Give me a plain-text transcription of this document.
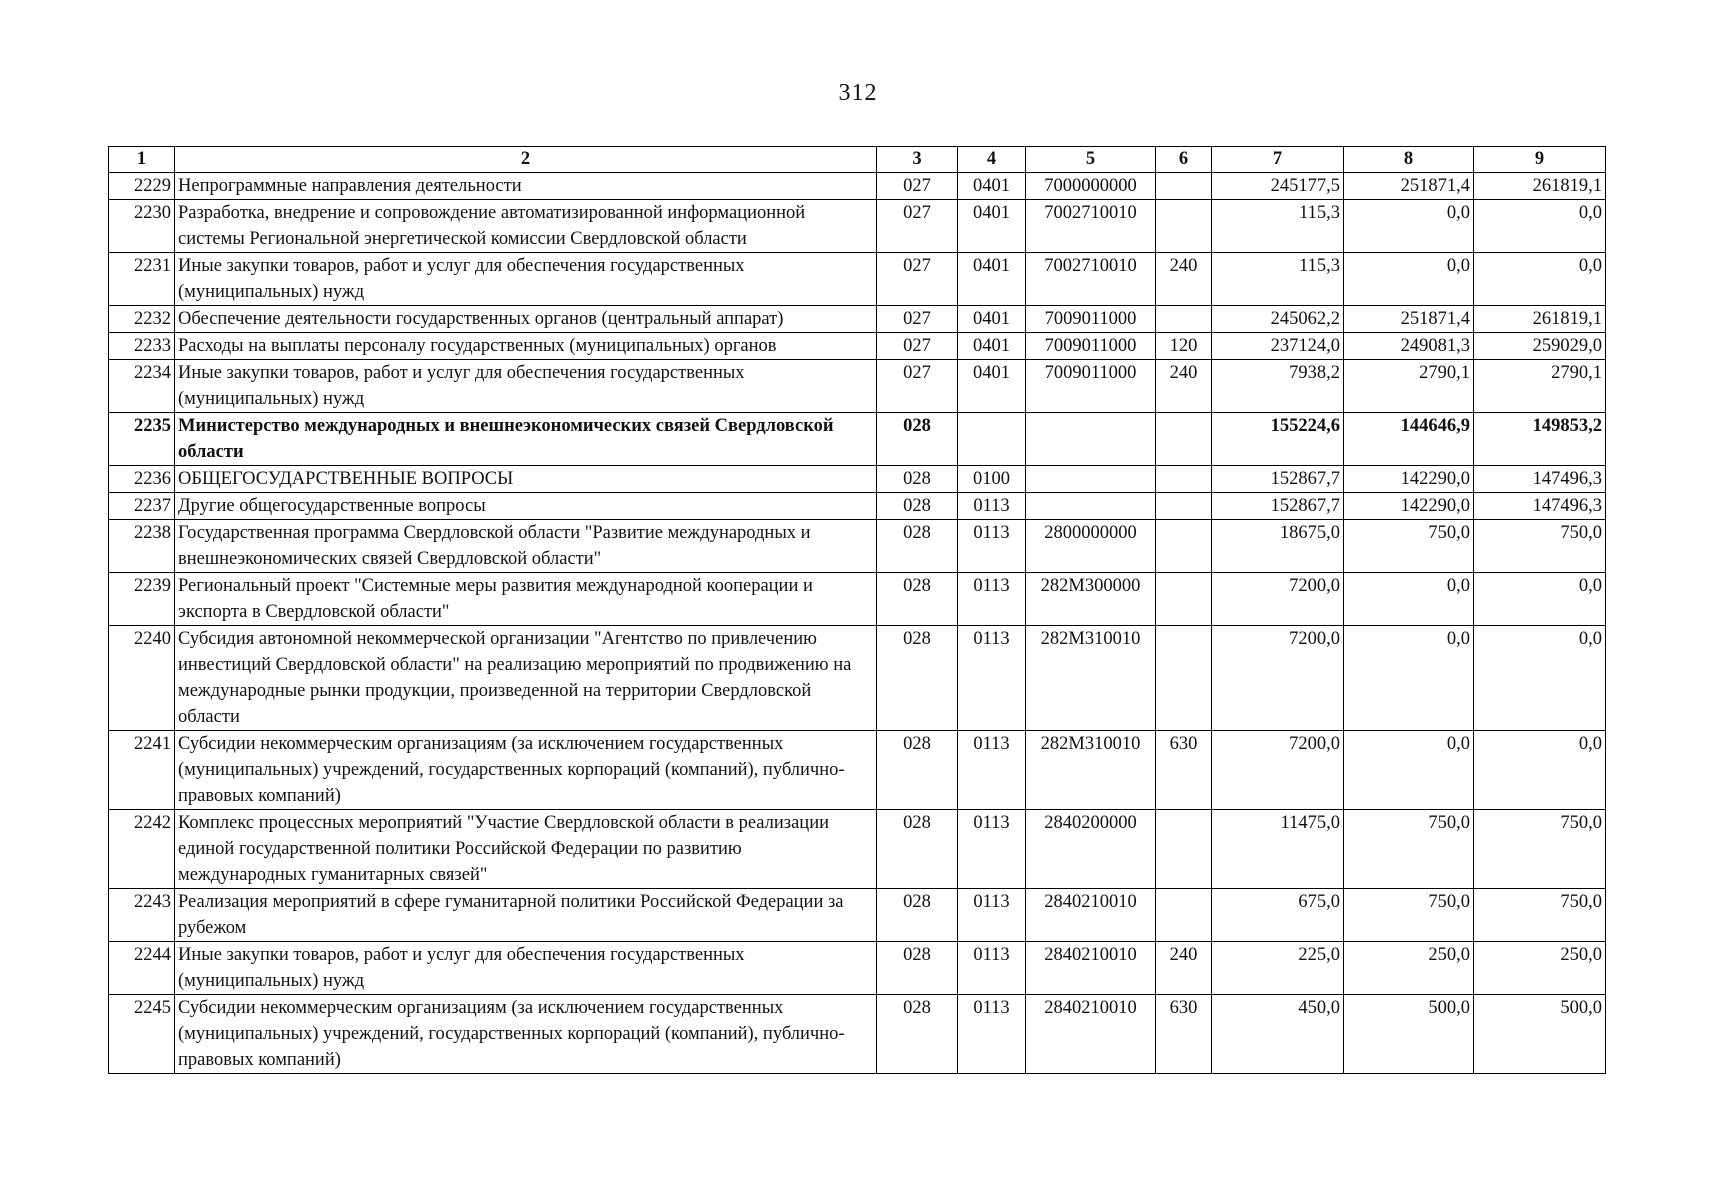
312
1	2	3	4	5	6	7	8	9
2229	Непрограммные направления деятельности	027	0401	7000000000		245177,5	251871,4	261819,1
2230	Разработка, внедрение и сопровождение автоматизированной информационной системы Региональной энергетической комиссии Свердловской области	027	0401	7002710010		115,3	0,0	0,0
2231	Иные закупки товаров, работ и услуг для обеспечения государственных (муниципальных) нужд	027	0401	7002710010	240	115,3	0,0	0,0
2232	Обеспечение деятельности государственных органов (центральный аппарат)	027	0401	7009011000		245062,2	251871,4	261819,1
2233	Расходы на выплаты персоналу государственных (муниципальных) органов	027	0401	7009011000	120	237124,0	249081,3	259029,0
2234	Иные закупки товаров, работ и услуг для обеспечения государственных (муниципальных) нужд	027	0401	7009011000	240	7938,2	2790,1	2790,1
2235	Министерство международных и внешнеэкономических связей Свердловской области	028				155224,6	144646,9	149853,2
2236	ОБЩЕГОСУДАРСТВЕННЫЕ ВОПРОСЫ	028	0100			152867,7	142290,0	147496,3
2237	Другие общегосударственные вопросы	028	0113			152867,7	142290,0	147496,3
2238	Государственная программа Свердловской области "Развитие международных и внешнеэкономических связей Свердловской области"	028	0113	2800000000		18675,0	750,0	750,0
2239	Региональный проект "Системные меры развития международной кооперации и экспорта в Свердловской области"	028	0113	282M300000		7200,0	0,0	0,0
2240	Субсидия автономной некоммерческой организации "Агентство по привлечению инвестиций Свердловской области" на реализацию мероприятий по продвижению на международные рынки продукции, произведенной на территории Свердловской области	028	0113	282M310010		7200,0	0,0	0,0
2241	Субсидии некоммерческим организациям (за исключением государственных (муниципальных) учреждений, государственных корпораций (компаний), публично-правовых компаний)	028	0113	282M310010	630	7200,0	0,0	0,0
2242	Комплекс процессных мероприятий "Участие Свердловской области в реализации единой государственной политики Российской Федерации по развитию международных гуманитарных связей"	028	0113	2840200000		11475,0	750,0	750,0
2243	Реализация мероприятий в сфере гуманитарной политики Российской Федерации за рубежом	028	0113	2840210010		675,0	750,0	750,0
2244	Иные закупки товаров, работ и услуг для обеспечения государственных (муниципальных) нужд	028	0113	2840210010	240	225,0	250,0	250,0
2245	Субсидии некоммерческим организациям (за исключением государственных (муниципальных) учреждений, государственных корпораций (компаний), публично-правовых компаний)	028	0113	2840210010	630	450,0	500,0	500,0
